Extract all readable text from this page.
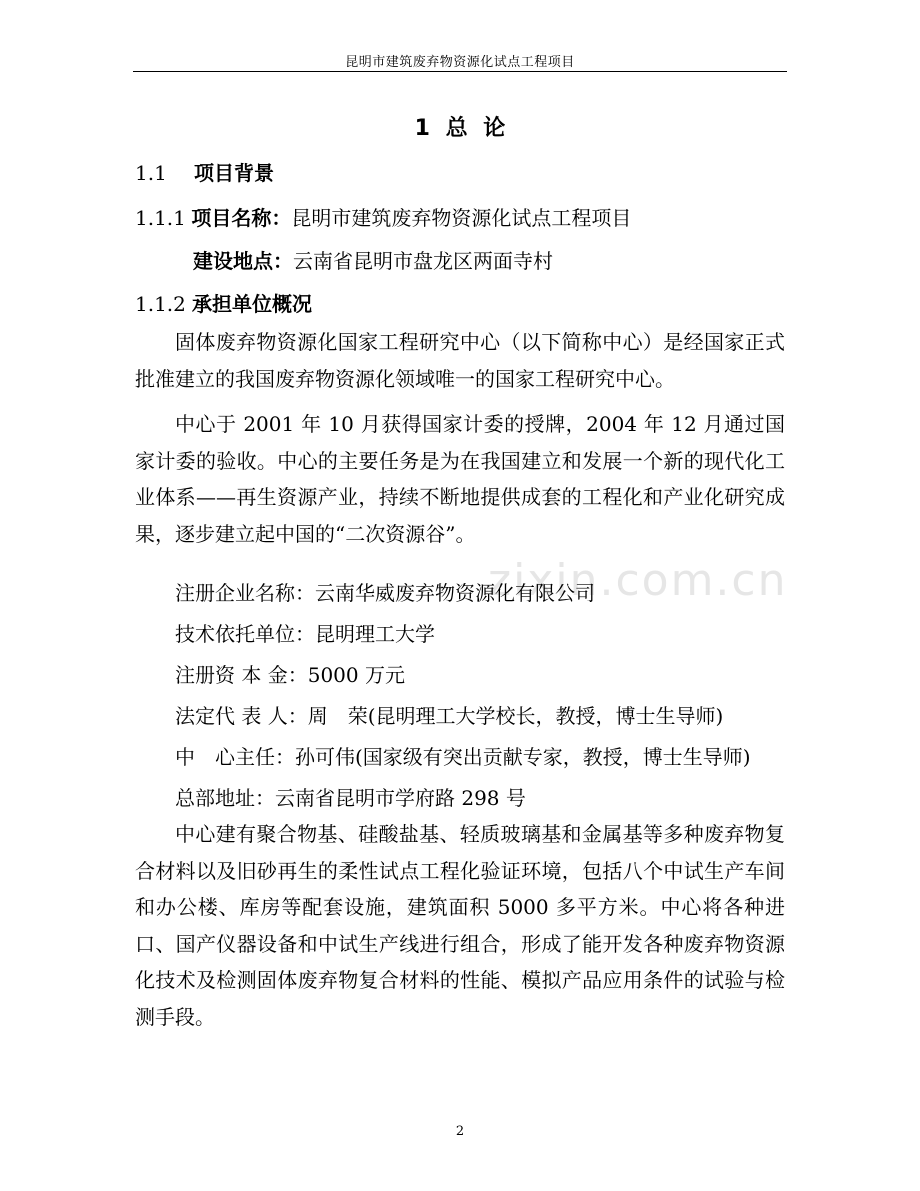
昆明市建筑废弃物资源化试点工程项目
zixin.com.cn
1 总 论
1.1 项目背景
1.1.1 项目名称：昆明市建筑废弃物资源化试点工程项目
建设地点：云南省昆明市盘龙区两面寺村
1.1.2 承担单位概况
固体废弃物资源化国家工程研究中心（以下简称中心）是经国家正式批准建立的我国废弃物资源化领域唯一的国家工程研究中心。
中心于 2001 年 10 月获得国家计委的授牌，2004 年 12 月通过国家计委的验收。中心的主要任务是为在我国建立和发展一个新的现代化工业体系——再生资源产业，持续不断地提供成套的工程化和产业化研究成果，逐步建立起中国的“二次资源谷”。
注册企业名称：云南华威废弃物资源化有限公司
技术依托单位：昆明理工大学
注册资 本 金：5000 万元
法定代 表 人：周　荣(昆明理工大学校长，教授，博士生导师)
中　心主任：孙可伟(国家级有突出贡献专家，教授，博士生导师)
总部地址：云南省昆明市学府路 298 号
中心建有聚合物基、硅酸盐基、轻质玻璃基和金属基等多种废弃物复合材料以及旧砂再生的柔性试点工程化验证环境，包括八个中试生产车间和办公楼、库房等配套设施，建筑面积 5000 多平方米。中心将各种进口、国产仪器设备和中试生产线进行组合，形成了能开发各种废弃物资源化技术及检测固体废弃物复合材料的性能、模拟产品应用条件的试验与检测手段。
2
